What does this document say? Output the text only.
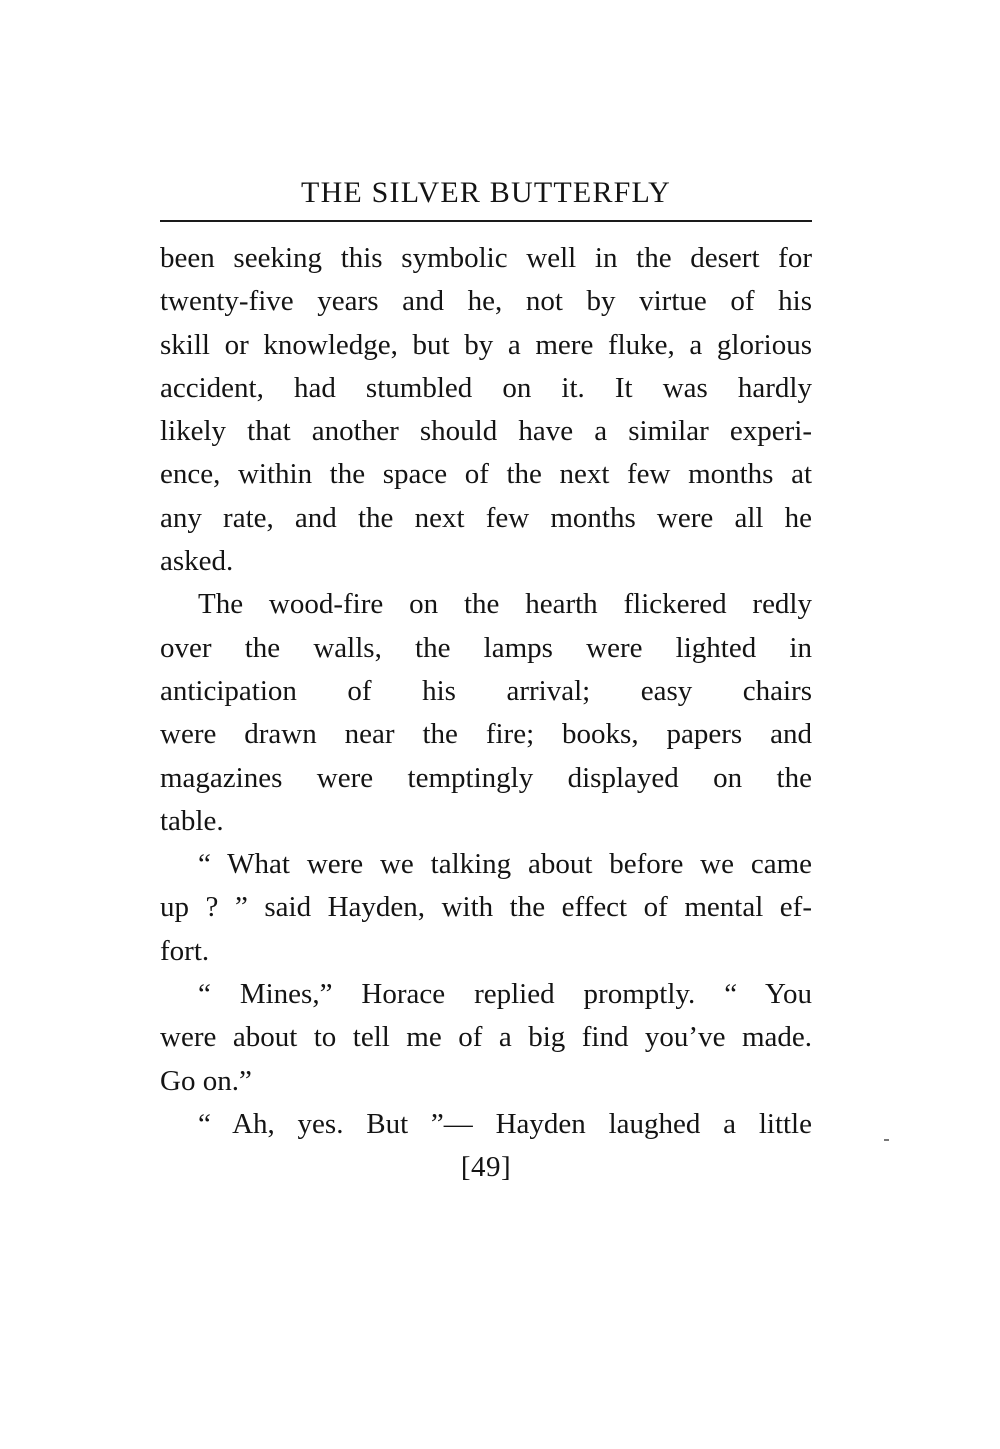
THE SILVER BUTTERFLY
been seeking this symbolic well in the desert for
twenty-five years and he, not by virtue of his
skill or knowledge, but by a mere fluke, a glorious
accident, had stumbled on it. It was hardly
likely that another should have a similar experi-
ence, within the space of the next few months at
any rate, and the next few months were all he
asked.
The wood-fire on the hearth flickered redly
over the walls, the lamps were lighted in
anticipation of his arrival; easy chairs
were drawn near the fire; books, papers and
magazines were temptingly displayed on the
table.
“ What were we talking about before we came
up ? ” said Hayden, with the effect of mental ef-
fort.
“ Mines,” Horace replied promptly. “ You
were about to tell me of a big find you’ve made.
Go on.”
“ Ah, yes. But ”— Hayden laughed a little
[49]
